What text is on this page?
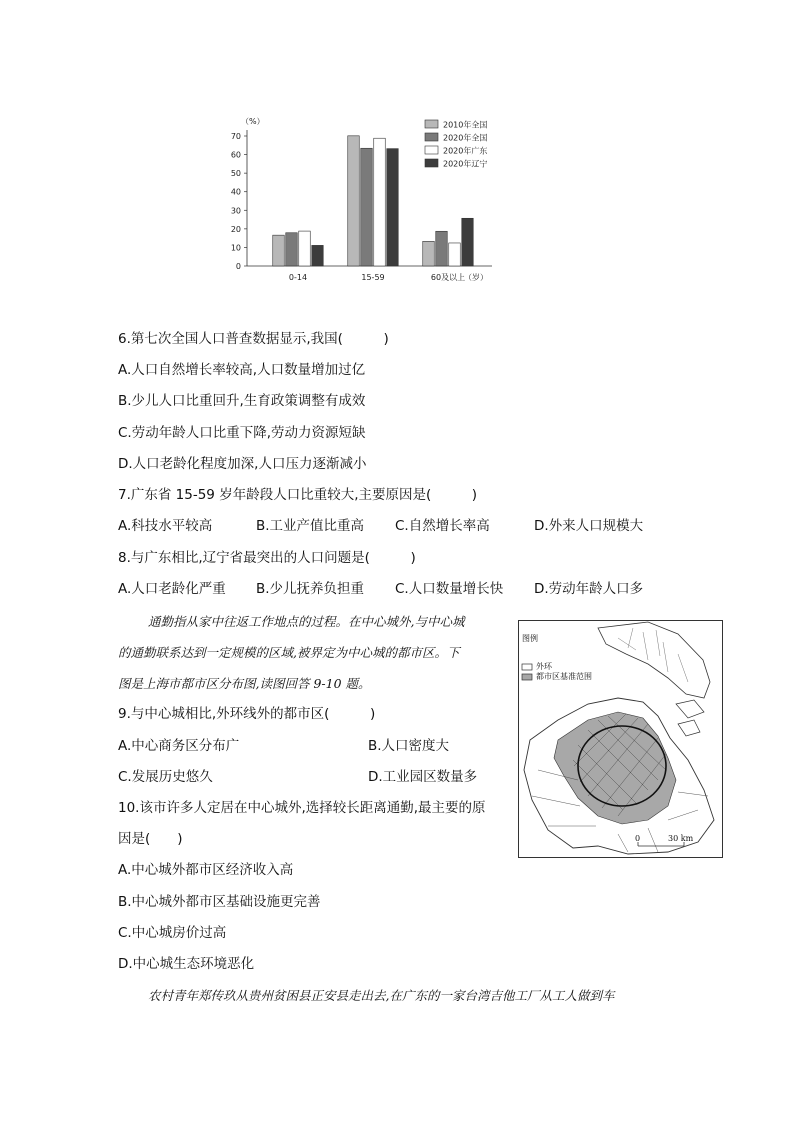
0
10
20
30
40
50
60
70
（%）
0-14	15-59	60及以上
（岁）
2010年全国
2020年全国
2020年广东
2020年辽宁
6.第七次全国人口普查数据显示,我国(　　　)
A.人口自然增长率较高,人口数量增加过亿
B.少儿人口比重回升,生育政策调整有成效
C.劳动年龄人口比重下降,劳动力资源短缺
D.人口老龄化程度加深,人口压力逐渐减小
7.广东省 15-59 岁年龄段人口比重较大,主要原因是(　　　)
A.科技水平较高	B.工业产值比重高 C.自然增长率高	D.外来人口规模大
8.与广东相比,辽宁省最突出的人口问题是(　　　)
A.人口老龄化严重 B.少儿抚养负担重 C.人口数量增长快 D.劳动年龄人口多
通勤指从家中往返工作地点的过程。在中心城外,与中心城
的通勤联系达到一定规模的区域,被界定为中心城的都市区。下
图是上海市都市区分布图,读图回答 9-10 题。
9.与中心城相比,外环线外的都市区(　　　)
A.中心商务区分布广	B.人口密度大
C.发展历史悠久	D.工业园区数量多
10.该市许多人定居在中心城外,选择较长距离通勤,最主要的原
因是(　　)
A.中心城外都市区经济收入高
B.中心城外都市区基础设施更完善
C.中心城房价过高
D.中心城生态环境恶化
农村青年郑传玖从贵州贫困县正安县走出去,在广东的一家台湾吉他工厂从工人做到车
图例
外环
都市区基准范围
0	30 km
